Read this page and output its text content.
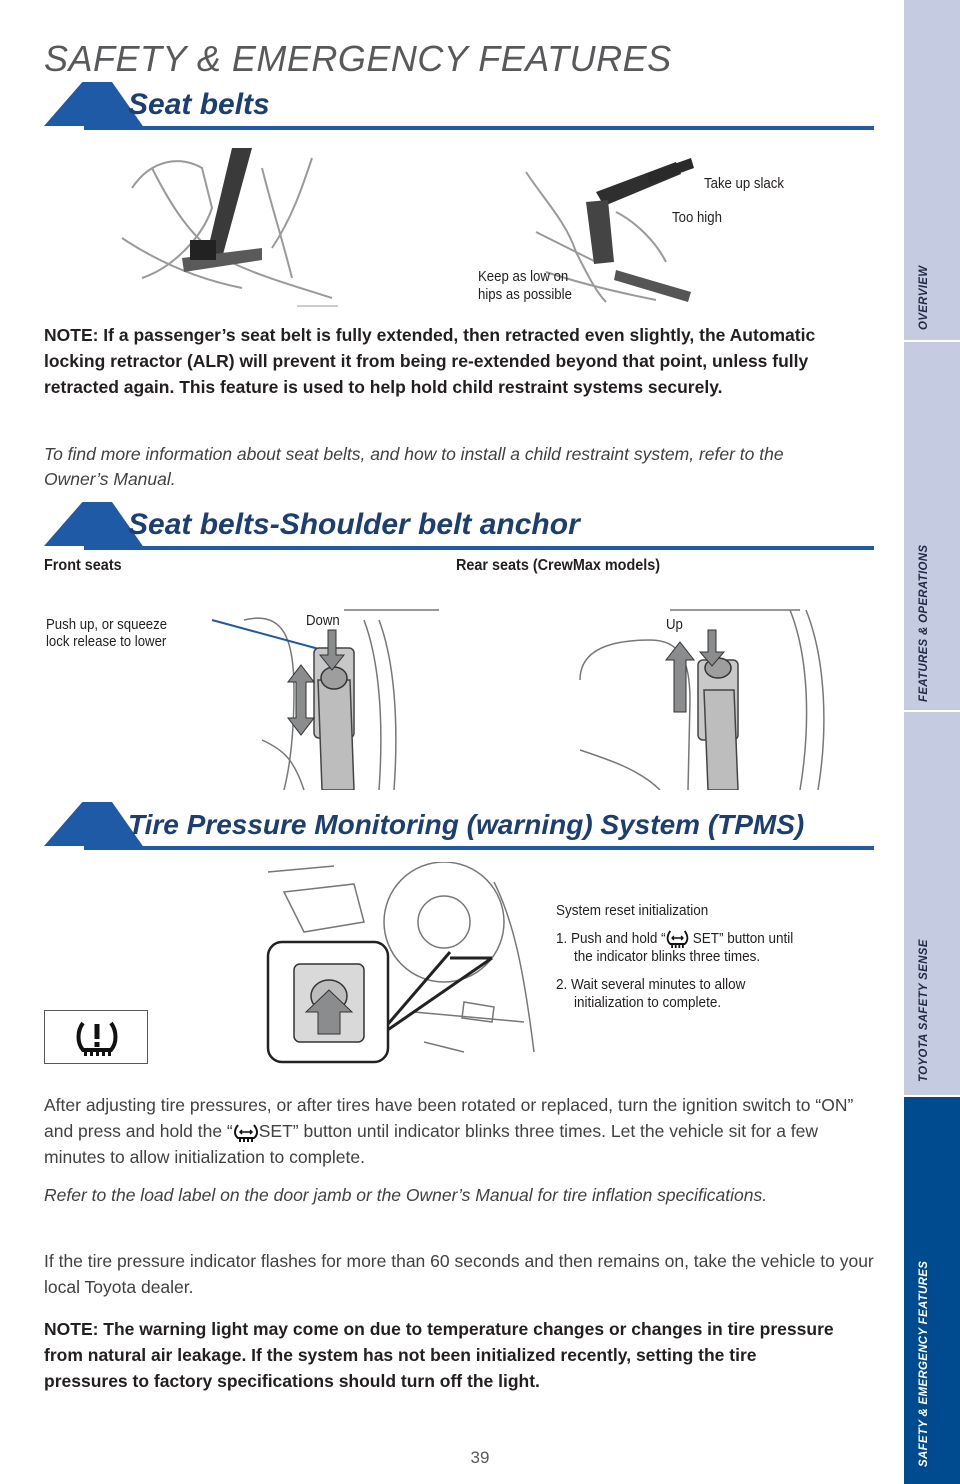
SAFETY & EMERGENCY FEATURES
Seat belts
Take up slack
Too high
Keep as low on
hips as possible
NOTE: If a passenger’s seat belt is fully extended, then retracted even slightly, the Automatic locking retractor (ALR) will prevent it from being re-extended beyond that point, unless fully retracted again. This feature is used to help hold child restraint systems securely.
To find more information about seat belts, and how to install a child restraint system, refer to the Owner’s Manual.
Seat belts-Shoulder belt anchor
Front seats	Rear seats (CrewMax models)
Push up, or squeeze
lock release to lower
Down	Up
Tire Pressure Monitoring (warning) System (TPMS)
System reset initialization
1. Push and hold “ SET” button until
the indicator blinks three times.
2. Wait several minutes to allow
initialization to complete.
After adjusting tire pressures, or after tires have been rotated or replaced, turn the ignition switch to “ON” and press and hold the “ SET” button until indicator blinks three times. Let the vehicle sit for a few minutes to allow initialization to complete.
Refer to the load label on the door jamb or the Owner’s Manual for tire inflation specifications.
If the tire pressure indicator flashes for more than 60 seconds and then remains on, take the vehicle to your local Toyota dealer.
NOTE: The warning light may come on due to temperature changes or changes in tire pressure from natural air leakage. If the system has not been initialized recently, setting the tire pressures to factory specifications should turn off the light.
39
OVERVIEW
FEATURES & OPERATIONS
TOYOTA SAFETY SENSE
SAFETY & EMERGENCY FEATURES
